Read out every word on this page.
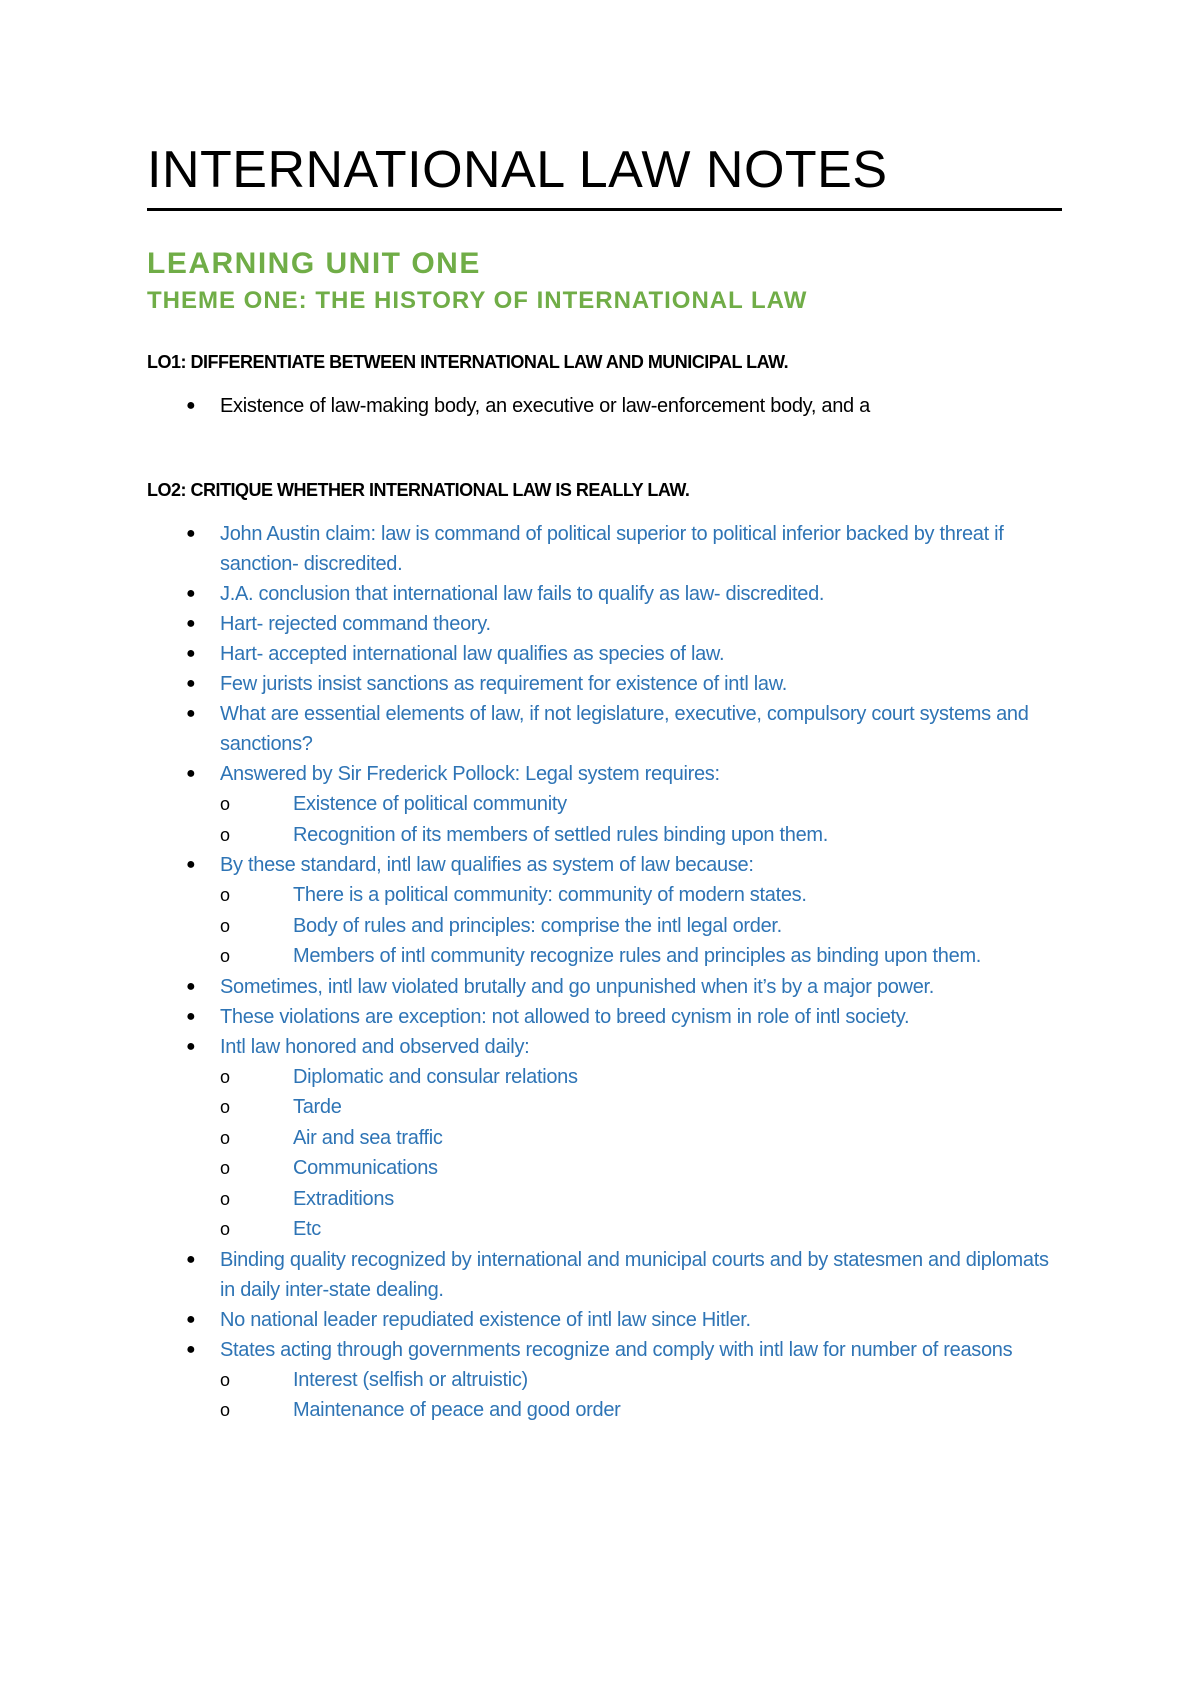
INTERNATIONAL LAW NOTES
LEARNING UNIT ONE
THEME ONE: THE HISTORY OF INTERNATIONAL LAW
LO1: DIFFERENTIATE BETWEEN INTERNATIONAL LAW AND MUNICIPAL LAW.
● Existence of law-making body, an executive or law-enforcement body, and a
LO2: CRITIQUE WHETHER INTERNATIONAL LAW IS REALLY LAW.
● John Austin claim: law is command of political superior to political inferior backed by threat if sanction- discredited.
● J.A. conclusion that international law fails to qualify as law- discredited.
● Hart- rejected command theory.
● Hart- accepted international law qualifies as species of law.
● Few jurists insist sanctions as requirement for existence of intl law.
● What are essential elements of law, if not legislature, executive, compulsory court systems and sanctions?
● Answered by Sir Frederick Pollock: Legal system requires:
o	Existence of political community
o	Recognition of its members of settled rules binding upon them.
● By these standard, intl law qualifies as system of law because:
o	There is a political community: community of modern states.
o	Body of rules and principles: comprise the intl legal order.
o	Members of intl community recognize rules and principles as binding upon them.
● Sometimes, intl law violated brutally and go unpunished when it’s by a major power.
● These violations are exception: not allowed to breed cynism in role of intl society.
● Intl law honored and observed daily:
o	Diplomatic and consular relations
o	Tarde
o	Air and sea traffic
o	Communications
o	Extraditions
o	Etc
● Binding quality recognized by international and municipal courts and by statesmen and diplomats in daily inter-state dealing.
● No national leader repudiated existence of intl law since Hitler.
● States acting through governments recognize and comply with intl law for number of reasons
o	Interest (selfish or altruistic)
o	Maintenance of peace and good order
